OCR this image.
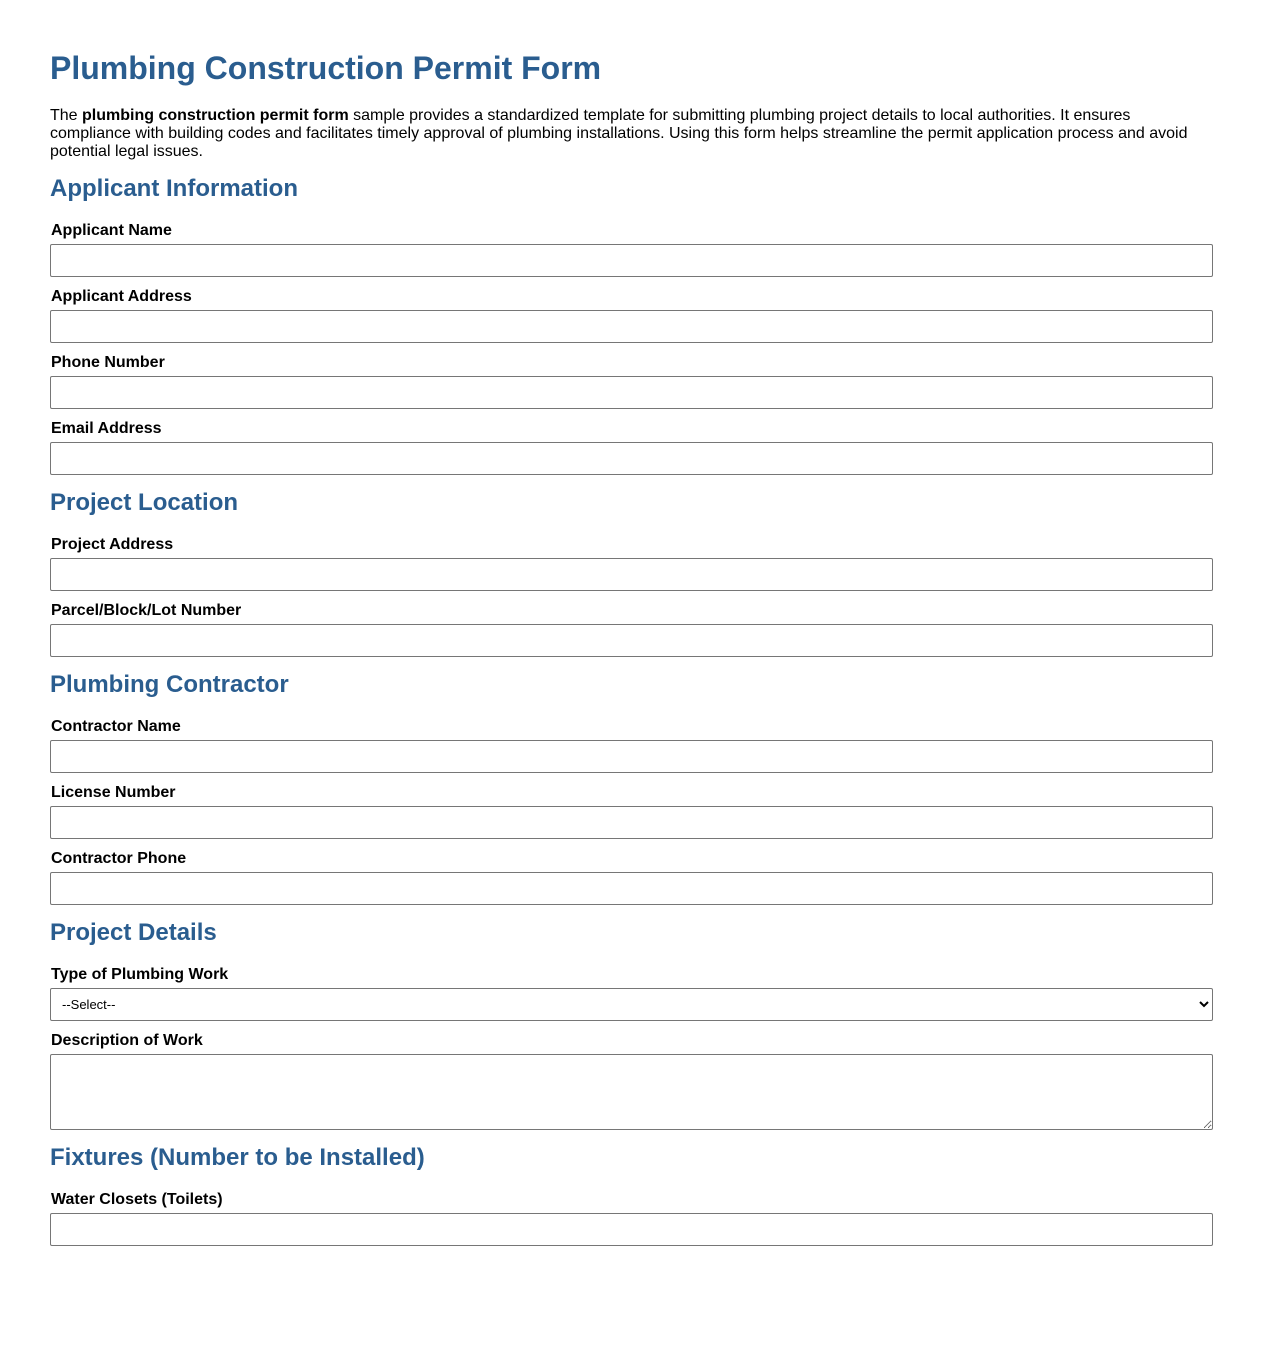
Plumbing Construction Permit Form

The plumbing construction permit form sample provides a standardized template for submitting plumbing project details to local authorities. It ensures compliance with building codes and facilitates timely approval of plumbing installations. Using this form helps streamline the permit application process and avoid potential legal issues.

Applicant Information
Applicant Name
Applicant Address
Phone Number
Email Address
Project Location
Project Address
Parcel/Block/Lot Number
Plumbing Contractor
Contractor Name
License Number
Contractor Phone
Project Details
Type of Plumbing Work
--Select--
Description of Work
Fixtures (Number to be Installed)
Water Closets (Toilets)
